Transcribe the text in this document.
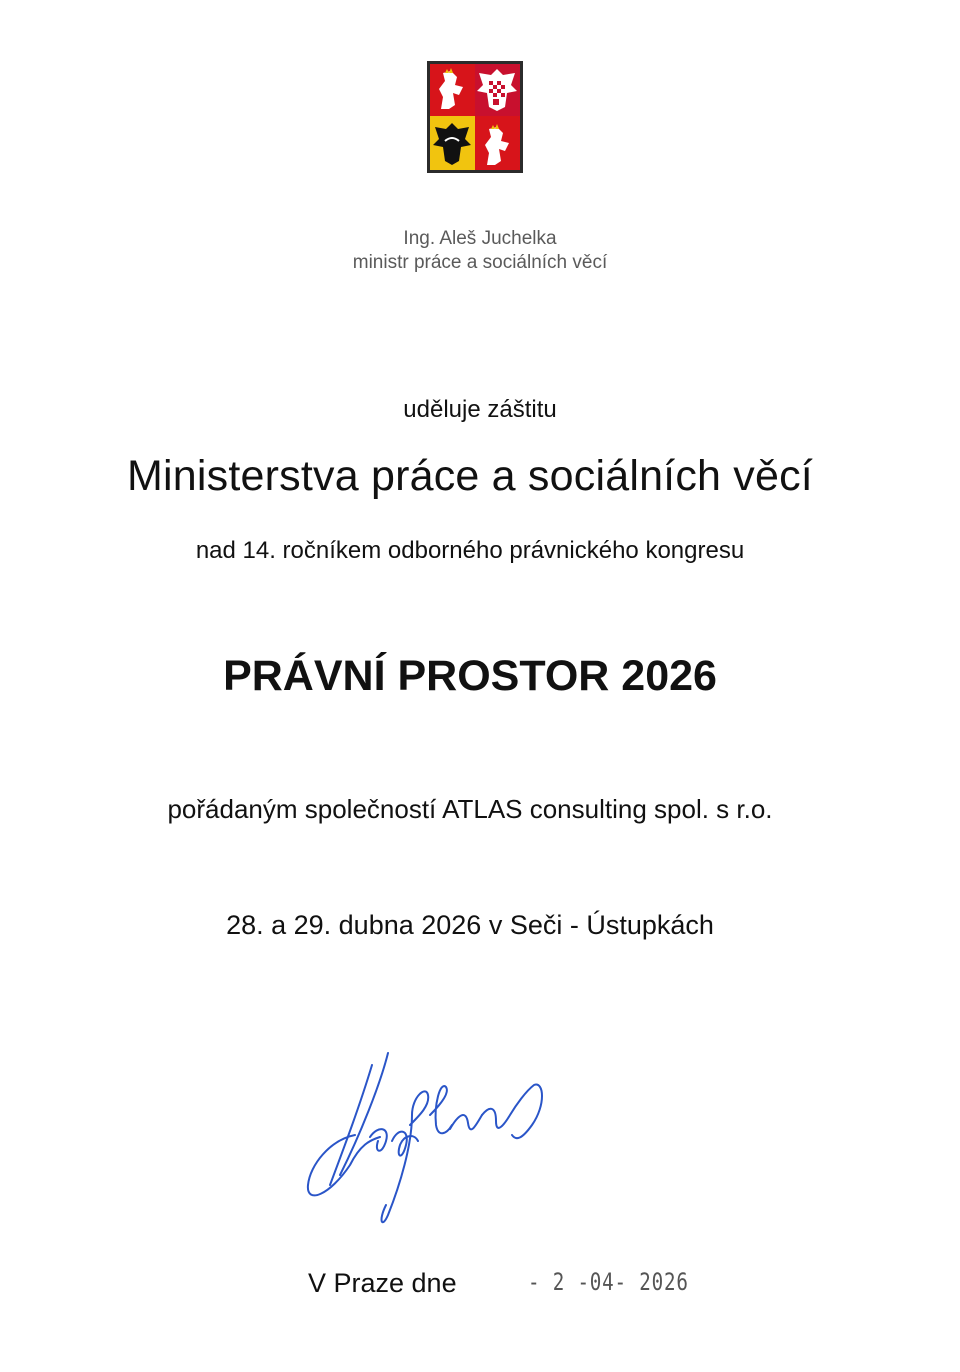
Ing. Aleš Juchelka
ministr práce a sociálních věcí
uděluje záštitu
Ministerstva práce a sociálních věcí
nad 14. ročníkem odborného právnického kongresu
PRÁVNÍ PROSTOR 2026
pořádaným společností ATLAS consulting spol. s r.o.
28. a 29. dubna 2026 v Seči - Ústupkách
V Praze dne	- 2 -04- 2026
